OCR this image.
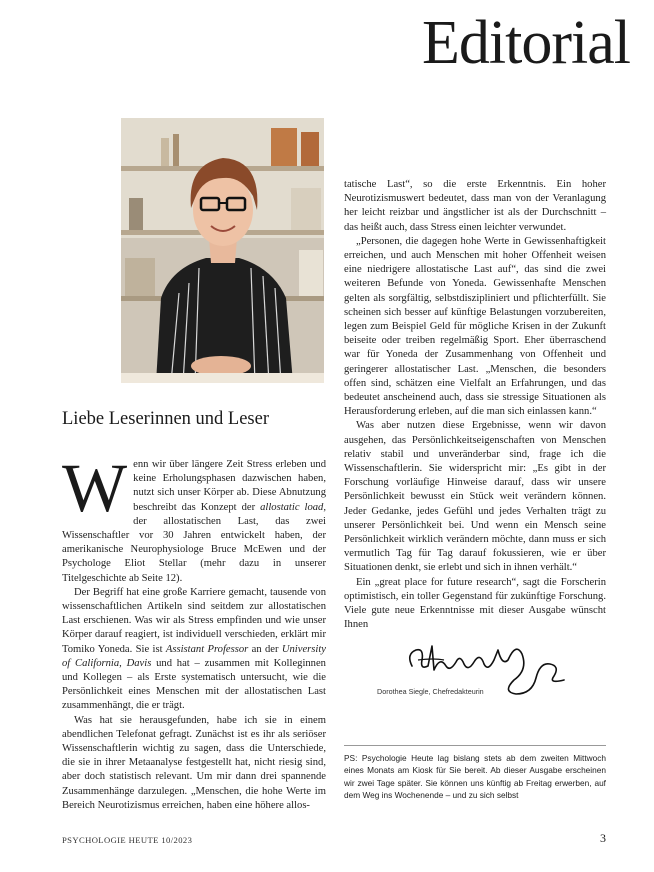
Editorial
Liebe Leserinnen und Leser

Wenn wir über längere Zeit Stress erleben und keine Erholungsphasen dazwischen haben, nutzt sich unser Körper ab. Diese Abnutzung beschreibt das Konzept der allostatic load, der allostatischen Last, das zwei Wissenschaftler vor 30 Jahren entwickelt haben, der amerikanische Neurophysiologe Bruce McEwen und der Psychologe Eliot Stellar (mehr dazu in unserer Titelgeschichte ab Seite 12).

Der Begriff hat eine große Karriere gemacht, tausende von wissenschaftlichen Artikeln sind seitdem zur allostatischen Last erschienen. Was wir als Stress empfinden und wie unser Körper darauf reagiert, ist individuell verschieden, erklärt mir Tomiko Yoneda. Sie ist Assistant Professor an der University of California, Davis und hat – zusammen mit Kolleginnen und Kollegen – als Erste systematisch untersucht, wie die Persönlichkeit eines Menschen mit der allostatischen Last zusammenhängt, die er trägt.

Was hat sie herausgefunden, habe ich sie in einem abendlichen Telefonat gefragt. Zunächst ist es ihr als seriöser Wissenschaftlerin wichtig zu sagen, dass die Unterschiede, die sie in ihrer Metaanalyse festgestellt hat, nicht riesig sind, aber doch statistisch relevant. Um mir dann drei spannende Zusammenhänge darzulegen. „Menschen, die hohe Werte im Bereich Neurotizismus erreichen, haben eine höhere allos-

tatische Last“, so die erste Erkenntnis. Ein hoher Neurotizismuswert bedeutet, dass man von der Veranlagung her leicht reizbar und ängstlicher ist als der Durchschnitt – das heißt auch, dass Stress einen leichter verwundet.

„Personen, die dagegen hohe Werte in Gewissenhaftigkeit erreichen, und auch Menschen mit hoher Offenheit weisen eine niedrigere allostatische Last auf“, das sind die zwei weiteren Befunde von Yoneda. Gewissenhafte Menschen gelten als sorgfältig, selbstdiszipliniert und pflichterfüllt. Sie scheinen sich besser auf künftige Belastungen vorzubereiten, legen zum Beispiel Geld für mögliche Krisen in der Zukunft beiseite oder treiben regelmäßig Sport. Eher überraschend war für Yoneda der Zusammenhang von Offenheit und geringerer allostatischer Last. „Menschen, die besonders offen sind, schätzen eine Vielfalt an Erfahrungen, und das bedeutet anscheinend auch, dass sie stressige Situationen als Herausforderung erleben, auf die man sich einlassen kann.“

Was aber nutzen diese Ergebnisse, wenn wir davon ausgehen, das Persönlichkeitseigenschaften von Menschen relativ stabil und unveränderbar sind, frage ich die Wissenschaftlerin. Sie widerspricht mir: „Es gibt in der Forschung vorläufige Hinweise darauf, dass wir unsere Persönlichkeit bewusst ein Stück weit verändern können. Jeder Gedanke, jedes Gefühl und jedes Verhalten trägt zu unserer Persönlichkeit bei. Und wenn ein Mensch seine Persönlichkeit wirklich verändern möchte, dann muss er sich vermutlich Tag für Tag darauf fokussieren, wie er über Situationen denkt, sie erlebt und sich in ihnen verhält.“

Ein „great place for future research“, sagt die Forscherin optimistisch, ein toller Gegenstand für zukünftige Forschung. Viele gute neue Erkenntnisse mit dieser Ausgabe wünscht Ihnen

Dorothea Siegle, Chefredakteurin
PS: Psychologie Heute lag bislang stets ab dem zweiten Mittwoch eines Monats am Kiosk für Sie bereit. Ab dieser Ausgabe erscheinen wir zwei Tage später. Sie können uns künftig ab Freitag erwerben, auf dem Weg ins Wochenende – und zu sich selbst
PSYCHOLOGIE HEUTE 10/2023	3
